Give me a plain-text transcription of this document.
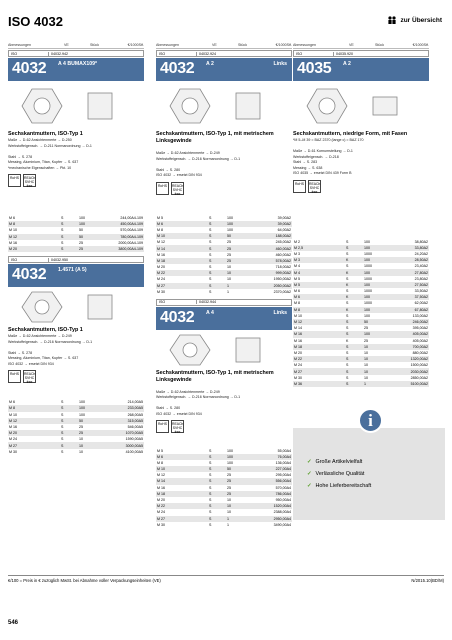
ISO 4032	zur Übersicht
Abmessungen	VE	Stück	€/1000Stf.
ISO	04032.942
4032 A 4 BUMAX109*
Sechskantmuttern, ISO-Typ 1
Maße → D-62 Ansichtenmerte → D-250
Werkstoffeigensch. → D-211 Normanordnung → D-1

Stahl → S. 278
Messing, Aluminium, Titan, Kupfer → S. 637
*mechanische Eigenschaften → Pkt. 10
RoHS	REACh SVHC free
M 6	S	100	244,00A4-109
M 8	S	100	450,00A4-109
M 10	S	50	570,00A4-109
M 12	S	50	780,00A4-109
M 16	S	25	2000,00A4-109
M 20	S	25	3800,00A4-109
ISO	04032.950
4032 1.4571 (A 5)
Sechskantmuttern, ISO-Typ 1
Maße → D-62 Ansichtenmerte → D-249
Werkstoffeigensch. → D-216 Normanordnung → D-1

Stahl → S. 278
Messing, Aluminium, Titan, Kupfer → S. 637
ISO 4032 → ersetzt DIN 934
RoHS	REACh SVHC free
M 6	S	100	214,00A5
M 8	S	100	233,00A5
M 10	S	100	268,00A5
M 12	S	50	315,00A5
M 16	S	25	546,00A5
M 20	S	25	1070,00A5
M 24	S	10	1590,00A5
M 27	S	10	3000,00A5
M 30	S	10	4100,00A5
Abmessungen	VE	Stück	€/1000Stf.
ISO	04032.924
4032 A 2	Links
Sechskantmuttern, ISO-Typ 1, mit metrischem Linksgewinde
Maße → D-62 Ansichtenmerte → D-249
Werkstoffeigensch. → D-216 Normanordnung → D-1

Stahl → S. 280
ISO 4032 → ersetzt DIN 934
RoHS	REACh SVHC free
M 5	S	100	39,00A2
M 6	S	100	39,00A2
M 8	S	100	64,00A2
M 10	S	50	188,00A2
M 12	S	25	245,00A2
M 14	S	25	460,00A2
M 16	S	25	460,00A2
M 18	S	25	578,00A2
M 20	S	10	718,00A2
M 22	S	10	999,00A2
M 24	S	10	1950,00A2
M 27	S	1	2050,00A2
M 30	S	1	2370,00A2
ISO	04032.944
4032 A 4	Links
Sechskantmuttern, ISO-Typ 1, mit metrischem Linksgewinde
Maße → D-62 Ansichtenmerte → D-249
Werkstoffeigensch. → D-216 Normanordnung → D-1

Stahl → S. 280
ISO 4032 → ersetzt DIN 934
RoHS	REACh SVHC free
M 5	S	100	55,00A4
M 6	S	100	76,00A4
M 8	S	100	136,00A4
M 10	S	50	227,00A4
M 12	S	25	295,00A4
M 14	S	25	556,00A4
M 16	S	25	570,00A4
M 18	S	25	786,00A4
M 20	S	10	950,00A4
M 22	S	10	1520,00A4
M 24	S	10	2388,00A4
M 27	S	1	2950,00A4
M 30	S	1	3490,00A4
Abmessungen	VE	Stück	€/1000Stf.
ISO	04035.920
4035 A 2
Sechskantmuttern, niedrige Form, mit Fasen
*M 5–M 39 = BAZ 2370 (lange c) = BAZ 170

Maße → D-61 Kornumstellung → D-1
Werkstoffeigensch. → D-218
Stahl → S. 283
Messing → S. 638
ISO 4035 → ersetzt DIN 439 Form B
RoHS	REACh SVHC free
M 2	S	100	38,80A2
M 2,5	S	100	33,80A2
M 3	S	1000	24,20A2
M 3	K	100	28,50A2
M 4	S	1000	23,40A2
M 4	K	100	27,80A2
M 5	S	1000	23,80A2
M 5	K	100	27,50A2
M 6	S	1000	33,50A2
M 6	K	100	37,50A2
M 8	S	1000	62,00A2
M 8	K	100	67,80A2
M 10	S	100	133,00A2
M 12	S	50	246,00A2
M 14	S	25	395,00A2
M 16	S	100	405,00A2
M 16	K	25	405,00A2
M 18	S	10	700,00A2
M 20	S	10	880,00A2
M 22	S	10	1320,00A2
M 24	S	10	1500,00A2
M 27	S	10	2030,00A2
M 30	S	10	2850,00A2
M 36	S	1	5100,00A2
i
✓ Große Artikelvielfalt
✓ Verlässliche Qualität
✓ Hohe Lieferbereitschaft
€/100 = Preis in € zuzüglich MwSt. bei Abnahme voller Verpackungseinheiten (VE)	N/2015.10(BD/M)
546
